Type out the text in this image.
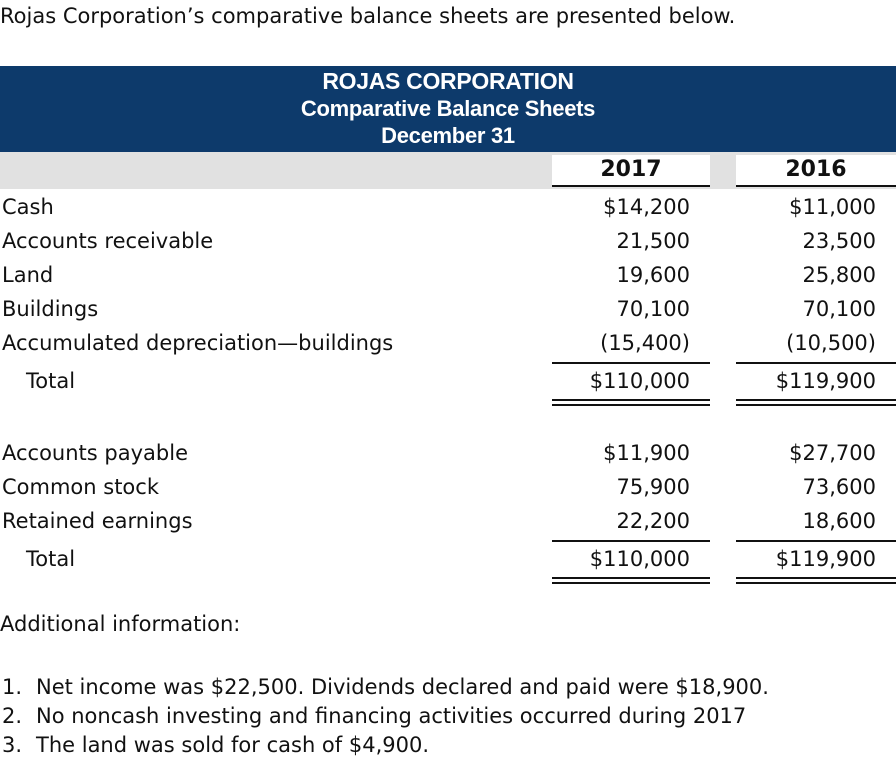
Rojas Corporation’s comparative balance sheets are presented below.
ROJAS CORPORATION
Comparative Balance Sheets
December 31
2017	2016
Cash	$14,200	$11,000
Accounts receivable	21,500	23,500
Land	19,600	25,800
Buildings	70,100	70,100
Accumulated depreciation—buildings	(15,400)	(10,500)
Total	$110,000	$119,900
Accounts payable	$11,900	$27,700
Common stock	75,900	73,600
Retained earnings	22,200	18,600
Total	$110,000	$119,900
Additional information:
1. Net income was $22,500. Dividends declared and paid were $18,900.
2. No noncash investing and financing activities occurred during 2017
3. The land was sold for cash of $4,900.
